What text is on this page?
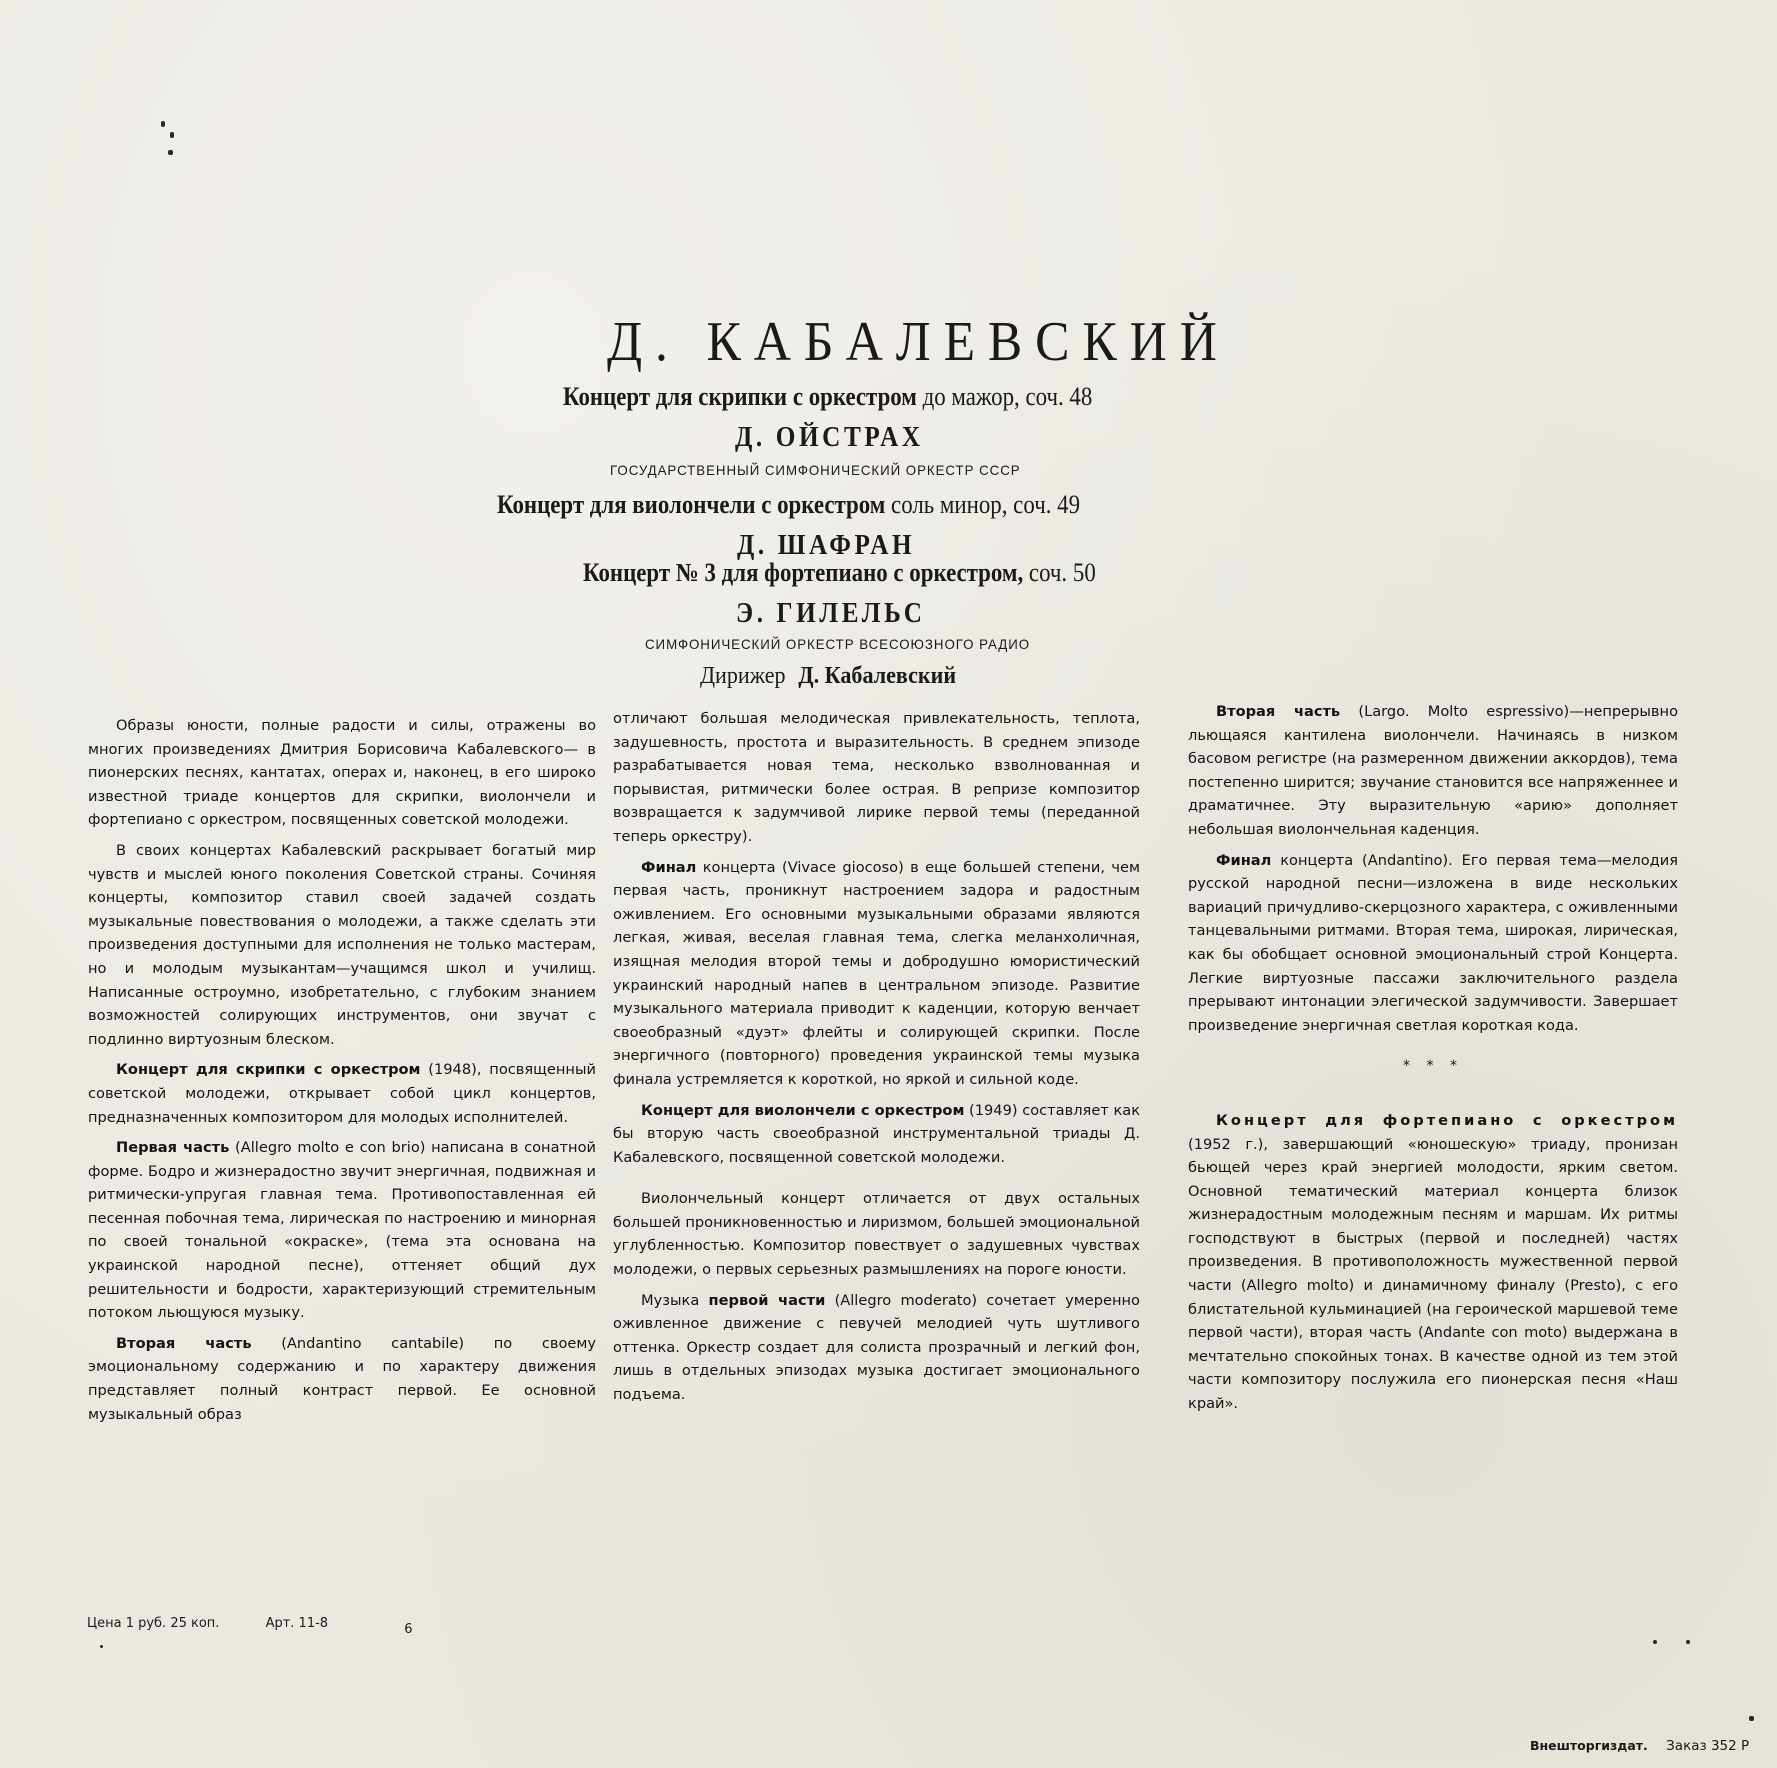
Д. КАБАЛЕВСКИЙ
Концерт для скрипки с оркестром до мажор, соч. 48
Д. ОЙСТРАХ
ГОСУДАРСТВЕННЫЙ СИМФОНИЧЕСКИЙ ОРКЕСТР СССР
Концерт для виолончели с оркестром соль минор, соч. 49
Д. ШАФРАН
Концерт № 3 для фортепиано с оркестром, соч. 50
Э. ГИЛЕЛЬС
СИМФОНИЧЕСКИЙ ОРКЕСТР ВСЕСОЮЗНОГО РАДИО
Дирижер Д. Кабалевский

Образы юности, полные радости и силы, отражены во многих произведениях Дмитрия Борисовича Кабалевского— в пионерских песнях, кантатах, операх и, наконец, в его широко известной триаде концертов для скрипки, виолончели и фортепиано с оркестром, посвященных советской молодежи.

В своих концертах Кабалевский раскрывает богатый мир чувств и мыслей юного поколения Советской страны. Сочиняя концерты, композитор ставил своей задачей создать музыкальные повествования о молодежи, а также сделать эти произведения доступными для исполнения не только мастерам, но и молодым музыкантам—учащимся школ и училищ. Написанные остроумно, изобретательно, с глубоким знанием возможностей солирующих инструментов, они звучат с подлинно виртуозным блеском.

Концерт для скрипки с оркестром (1948), посвященный советской молодежи, открывает собой цикл концертов, предназначенных композитором для молодых исполнителей.

Первая часть (Allegro molto e con brio) написана в сонатной форме. Бодро и жизнерадостно звучит энергичная, подвижная и ритмически-упругая главная тема. Противопоставленная ей песенная побочная тема, лирическая по настроению и минорная по своей тональной «окраске», (тема эта основана на украинской народной песне), оттеняет общий дух решительности и бодрости, характеризующий стремительным потоком льющуюся музыку.

Вторая часть (Andantino cantabile) по своему эмоциональному содержанию и по характеру движения представляет полный контраст первой. Ее основной музыкальный образ

отличают большая мелодическая привлекательность, теплота, задушевность, простота и выразительность. В среднем эпизоде разрабатывается новая тема, несколько взволнованная и порывистая, ритмически более острая. В репризе композитор возвращается к задумчивой лирике первой темы (переданной теперь оркестру).

Финал концерта (Vivace giocoso) в еще большей степени, чем первая часть, проникнут настроением задора и радостным оживлением. Его основными музыкальными образами являются легкая, живая, веселая главная тема, слегка меланхоличная, изящная мелодия второй темы и добродушно юмористический украинский народный напев в центральном эпизоде. Развитие музыкального материала приводит к каденции, которую венчает своеобразный «дуэт» флейты и солирующей скрипки. После энергичного (повторного) проведения украинской темы музыка финала устремляется к короткой, но яркой и сильной коде.

Концерт для виолончели с оркестром (1949) составляет как бы вторую часть своеобразной инструментальной триады Д. Кабалевского, посвященной советской молодежи.

Виолончельный концерт отличается от двух остальных большей проникновенностью и лиризмом, большей эмоциональной углубленностью. Композитор повествует о задушевных чувствах молодежи, о первых серьезных размышлениях на пороге юности.

Музыка первой части (Allegro moderato) сочетает умеренно оживленное движение с певучей мелодией чуть шутливого оттенка. Оркестр создает для солиста прозрачный и легкий фон, лишь в отдельных эпизодах музыка достигает эмоционального подъема.

Вторая часть (Largo. Molto espressivo)—непрерывно льющаяся кантилена виолончели. Начинаясь в низком басовом регистре (на размеренном движении аккордов), тема постепенно ширится; звучание становится все напряженнее и драматичнее. Эту выразительную «арию» дополняет небольшая виолончельная каденция.

Финал концерта (Andantino). Его первая тема—мелодия русской народной песни—изложена в виде нескольких вариаций причудливо-скерцозного характера, с оживленными танцевальными ритмами. Вторая тема, широкая, лирическая, как бы обобщает основной эмоциональный строй Концерта. Легкие виртуозные пассажи заключительного раздела прерывают интонации элегической задумчивости. Завершает произведение энергичная светлая короткая кода.

* * *

Концерт для фортепиано с оркестром (1952 г.), завершающий «юношескую» триаду, пронизан бьющей через край энергией молодости, ярким светом. Основной тематический материал концерта близок жизнерадостным молодежным песням и маршам. Их ритмы господствуют в быстрых (первой и последней) частях произведения. В противоположность мужественной первой части (Allegro molto) и динамичному финалу (Presto), с его блистательной кульминацией (на героической маршевой теме первой части), вторая часть (Andante con moto) выдержана в мечтательно спокойных тонах. В качестве одной из тем этой части композитору послужила его пионерская песня «Наш край».

Цена 1 руб. 25 коп.	Арт. 11-8	6
Внешторгиздат. Заказ 352 Р
